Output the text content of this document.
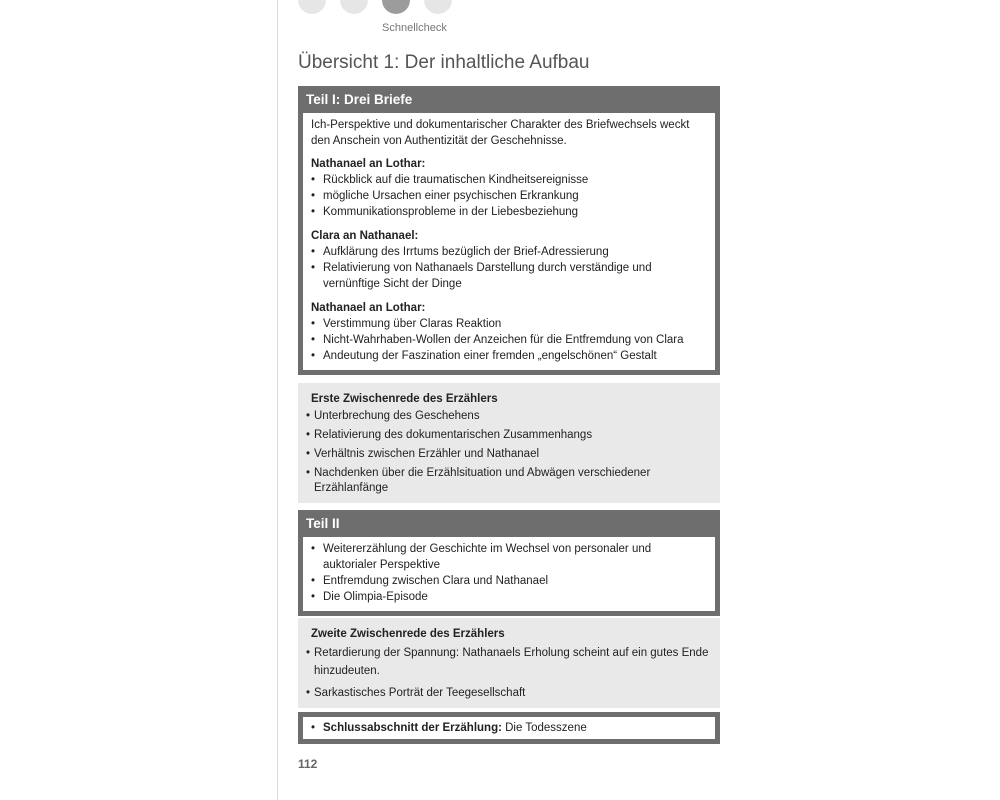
Schnellcheck
Übersicht 1: Der inhaltliche Aufbau
Teil I: Drei Briefe

Ich-Perspektive und dokumentarischer Charakter des Briefwechsels weckt den Anschein von Authentizität der Geschehnisse.

Nathanael an Lothar:
• Rückblick auf die traumatischen Kindheitsereignisse
• mögliche Ursachen einer psychischen Erkrankung
• Kommunikationsprobleme in der Liebesbeziehung
Clara an Nathanael:
• Aufklärung des Irrtums bezüglich der Brief-Adressierung
• Relativierung von Nathanaels Darstellung durch verständige und vernünftige Sicht der Dinge
Nathanael an Lothar:
• Verstimmung über Claras Reaktion
• Nicht-Wahrhaben-Wollen der Anzeichen für die Entfremdung von Clara
• Andeutung der Faszination einer fremden „engelschönen“ Gestalt
Erste Zwischenrede des Erzählers
• Unterbrechung des Geschehens
• Relativierung des dokumentarischen Zusammenhangs
• Verhältnis zwischen Erzähler und Nathanael
• Nachdenken über die Erzählsituation und Abwägen verschiedener Erzählanfänge
Teil II
• Weitererzählung der Geschichte im Wechsel von personaler und auktorialer Perspektive
• Entfremdung zwischen Clara und Nathanael
• Die Olimpia-Episode
Zweite Zwischenrede des Erzählers
• Retardierung der Spannung: Nathanaels Erholung scheint auf ein gutes Ende hinzudeuten.
• Sarkastisches Porträt der Teegesellschaft
• Schlussabschnitt der Erzählung: Die Todesszene
112
